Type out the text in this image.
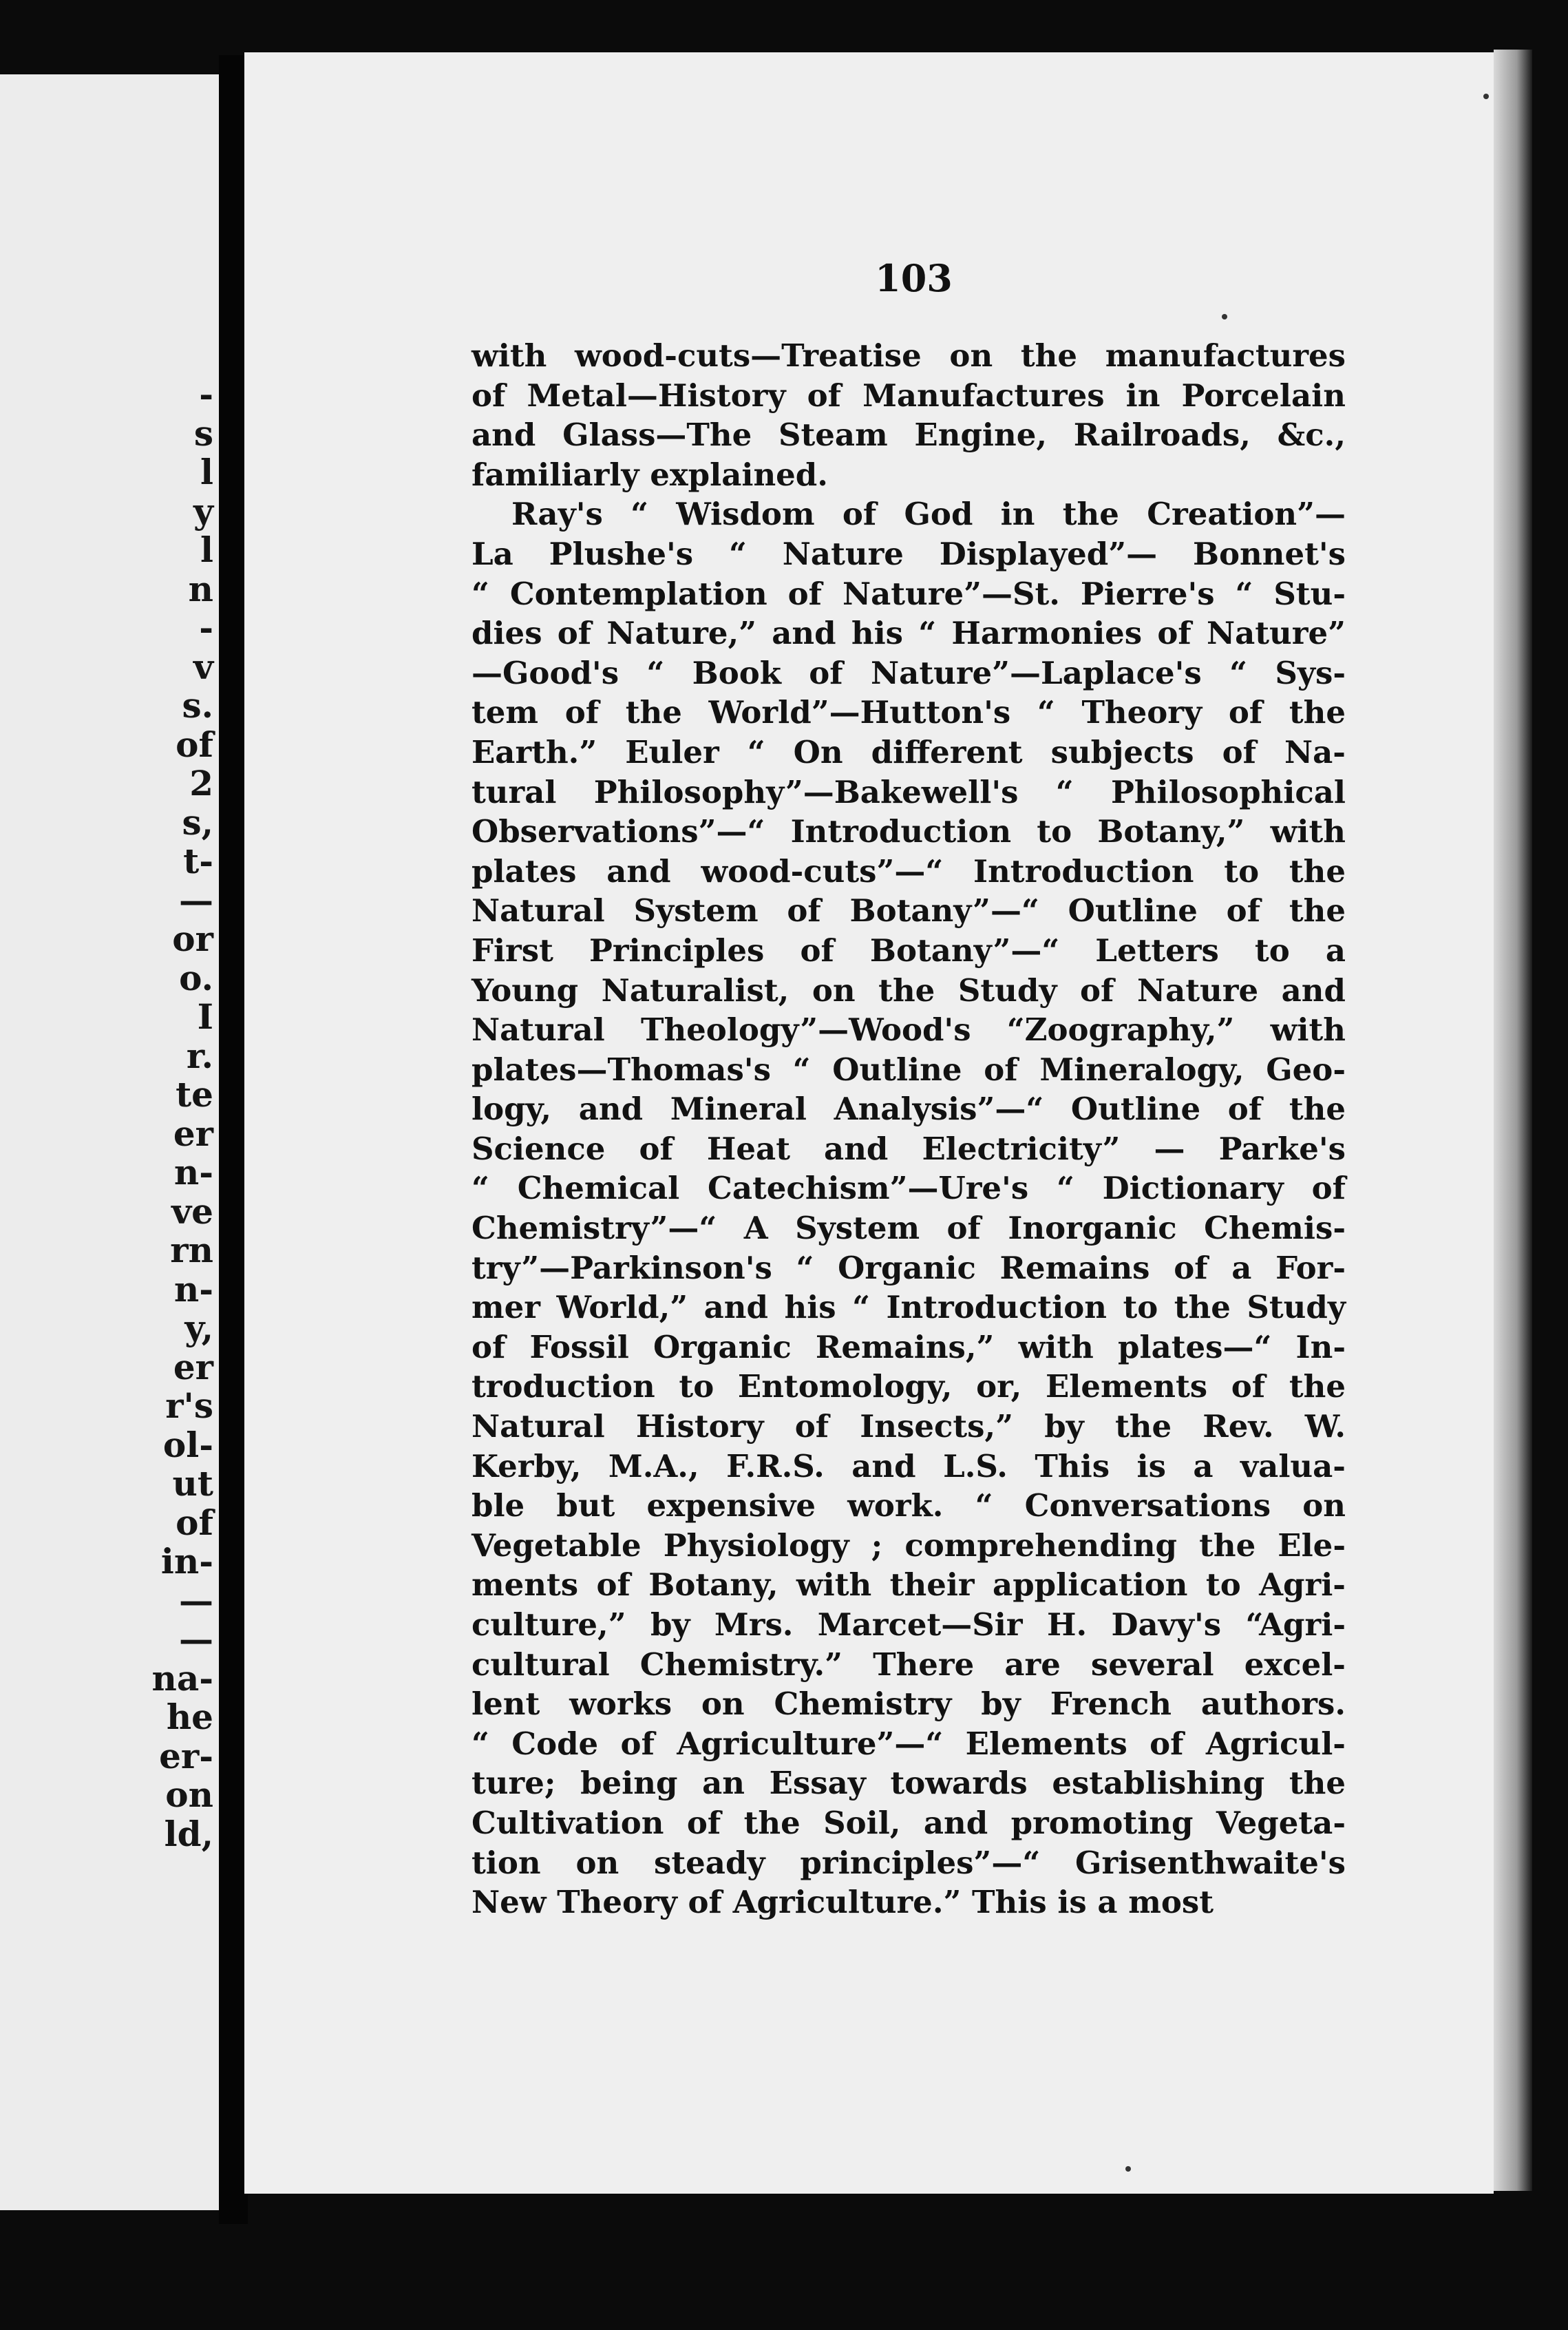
-
s
l
y
l
n
-
v
s.
of
2
s,
t-
—
or
o.
I
r.
te
er
n-
ve
rn
n-
y,
er
r's
ol-
ut
of
in-
—
—
na-
he
er-
on
ld,
103
with wood-cuts—Treatise on the manufactures
of Metal—History of Manufactures in Porcelain
and Glass—The Steam Engine, Railroads, &c.,
familiarly explained.
Ray's “ Wisdom of God in the Creation”—
La Plushe's “ Nature Displayed”— Bonnet's
“ Contemplation of Nature”—St. Pierre's “ Stu-
dies of Nature,” and his “ Harmonies of Nature”
—Good's “ Book of Nature”—Laplace's “ Sys-
tem of the World”—Hutton's “ Theory of the
Earth.” Euler “ On different subjects of Na-
tural Philosophy”—Bakewell's “ Philosophical
Observations”—“ Introduction to Botany,” with
plates and wood-cuts”—“ Introduction to the
Natural System of Botany”—“ Outline of the
First Principles of Botany”—“ Letters to a
Young Naturalist, on the Study of Nature and
Natural Theology”—Wood's “Zoography,” with
plates—Thomas's “ Outline of Mineralogy, Geo-
logy, and Mineral Analysis”—“ Outline of the
Science of Heat and Electricity” — Parke's
“ Chemical Catechism”—Ure's “ Dictionary of
Chemistry”—“ A System of Inorganic Chemis-
try”—Parkinson's “ Organic Remains of a For-
mer World,” and his “ Introduction to the Study
of Fossil Organic Remains,” with plates—“ In-
troduction to Entomology, or, Elements of the
Natural History of Insects,” by the Rev. W.
Kerby, M.A., F.R.S. and L.S. This is a valua-
ble but expensive work. “ Conversations on
Vegetable Physiology ; comprehending the Ele-
ments of Botany, with their application to Agri-
culture,” by Mrs. Marcet—Sir H. Davy's “Agri-
cultural Chemistry.” There are several excel-
lent works on Chemistry by French authors.
“ Code of Agriculture”—“ Elements of Agricul-
ture; being an Essay towards establishing the
Cultivation of the Soil, and promoting Vegeta-
tion on steady principles”—“ Grisenthwaite's
New Theory of Agriculture.” This is a most
